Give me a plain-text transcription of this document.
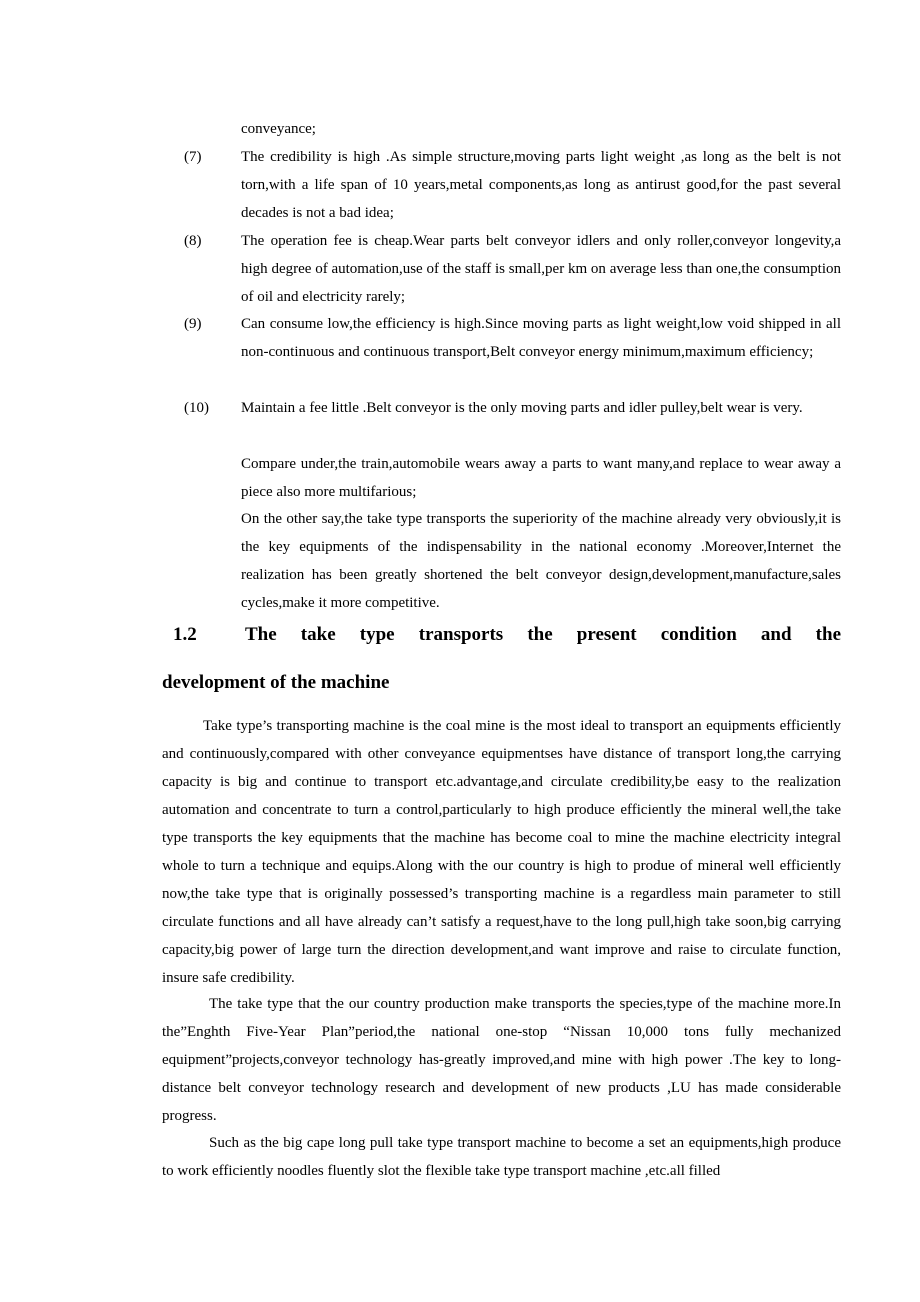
conveyance;
(7)	The credibility is high .As simple structure,moving parts light weight ,as long as the belt is not torn,with a life span of 10 years,metal components,as long as antirust good,for the past several decades is not a bad idea;
(8)	The operation fee is cheap.Wear parts belt conveyor idlers and only roller,conveyor longevity,a high degree of automation,use of the staff is small,per km on average less than one,the consumption of oil and electricity rarely;
(9)	Can consume low,the efficiency is high.Since moving parts as light weight,low void shipped in all non-continuous and continuous transport,Belt conveyor energy minimum,maximum efficiency;
(10)	Maintain a fee little .Belt conveyor is the only moving parts and idler pulley,belt wear is very.
Compare under,the train,automobile wears away a parts to want many,and replace to wear away a piece also more multifarious;
On the other say,the take type transports the superiority of the machine already very obviously,it is the key equipments of the indispensability in the national economy .Moreover,Internet the realization has been greatly shortened the belt conveyor design,development,manufacture,sales cycles,make it more competitive.
1.2	The take type transports the present condition and the
development of the machine
Take type’s transporting machine is the coal mine is the most ideal to transport an equipments efficiently and continuously,compared with other conveyance equipmentses have distance of transport long,the carrying capacity is big and continue to transport etc.advantage,and circulate credibility,be easy to the realization automation and concentrate to turn a control,particularly to high produce efficiently the mineral well,the take type transports the key equipments that the machine has become coal to mine the machine electricity integral whole to turn a technique and equips.Along with the our country is high to produe of mineral well efficiently now,the take type that is originally possessed’s transporting machine is a regardless main parameter to still circulate functions and all have already can’t satisfy a request,have to the long pull,high take soon,big carrying capacity,big power of large turn the direction development,and want improve and raise to circulate function, insure safe credibility.
The take type that the our country production make transports the species,type of the machine more.In the”Enghth Five-Year Plan”period,the national one-stop “Nissan 10,000 tons fully mechanized equipment”projects,conveyor technology has-greatly improved,and mine with high power .The key to long-distance belt conveyor technology research and development of new products ,LU has made considerable progress.
Such as the big cape long pull take type transport machine to become a set an equipments,high produce to work efficiently noodles fluently slot the flexible take type transport machine ,etc.all filled
